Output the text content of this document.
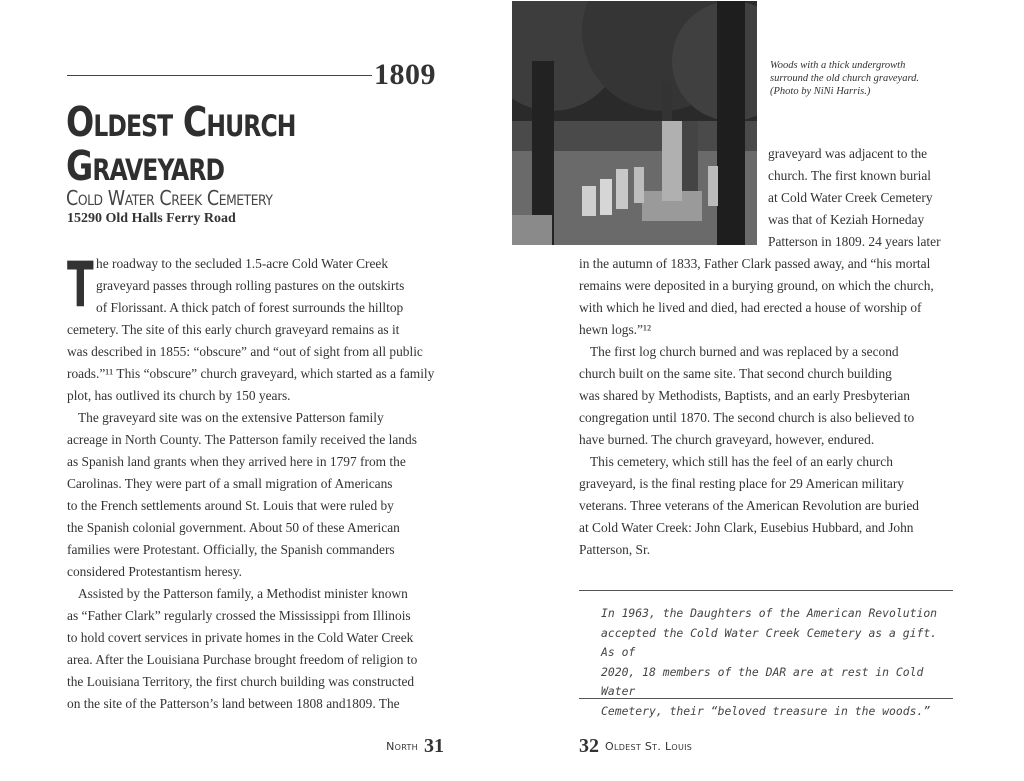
1809
Oldest Church
Graveyard
Cold Water Creek Cemetery
15290 Old Halls Ferry Road
T he roadway to the secluded 1.5-acre Cold Water Creek
graveyard passes through rolling pastures on the outskirts
of Florissant. A thick patch of forest surrounds the hilltop
cemetery. The site of this early church graveyard remains as it
was described in 1855: “obscure” and “out of sight from all public
roads.”¹¹ This “obscure” church graveyard, which started as a family
plot, has outlived its church by 150 years.
The graveyard site was on the extensive Patterson family
acreage in North County. The Patterson family received the lands
as Spanish land grants when they arrived here in 1797 from the
Carolinas. They were part of a small migration of Americans
to the French settlements around St. Louis that were ruled by
the Spanish colonial government. About 50 of these American
families were Protestant. Officially, the Spanish commanders
considered Protestantism heresy.
Assisted by the Patterson family, a Methodist minister known
as “Father Clark” regularly crossed the Mississippi from Illinois
to hold covert services in private homes in the Cold Water Creek
area. After the Louisiana Purchase brought freedom of religion to
the Louisiana Territory, the first church building was constructed
on the site of the Patterson’s land between 1808 and1809. The
North 31
Woods with a thick undergrowth
surround the old church graveyard.
(Photo by NiNi Harris.)
graveyard was adjacent to the
church. The first known burial
at Cold Water Creek Cemetery
was that of Keziah Horneday
Patterson in 1809. 24 years later
in the autumn of 1833, Father Clark passed away, and “his mortal
remains were deposited in a burying ground, on which the church,
with which he lived and died, had erected a house of worship of
hewn logs.”¹²
The first log church burned and was replaced by a second
church built on the same site. That second church building
was shared by Methodists, Baptists, and an early Presbyterian
congregation until 1870. The second church is also believed to
have burned. The church graveyard, however, endured.
This cemetery, which still has the feel of an early church
graveyard, is the final resting place for 29 American military
veterans. Three veterans of the American Revolution are buried
at Cold Water Creek: John Clark, Eusebius Hubbard, and John
Patterson, Sr.
In 1963, the Daughters of the American Revolution
accepted the Cold Water Creek Cemetery as a gift. As of
2020, 18 members of the DAR are at rest in Cold Water
Cemetery, their “beloved treasure in the woods.”
32 Oldest St. Louis
